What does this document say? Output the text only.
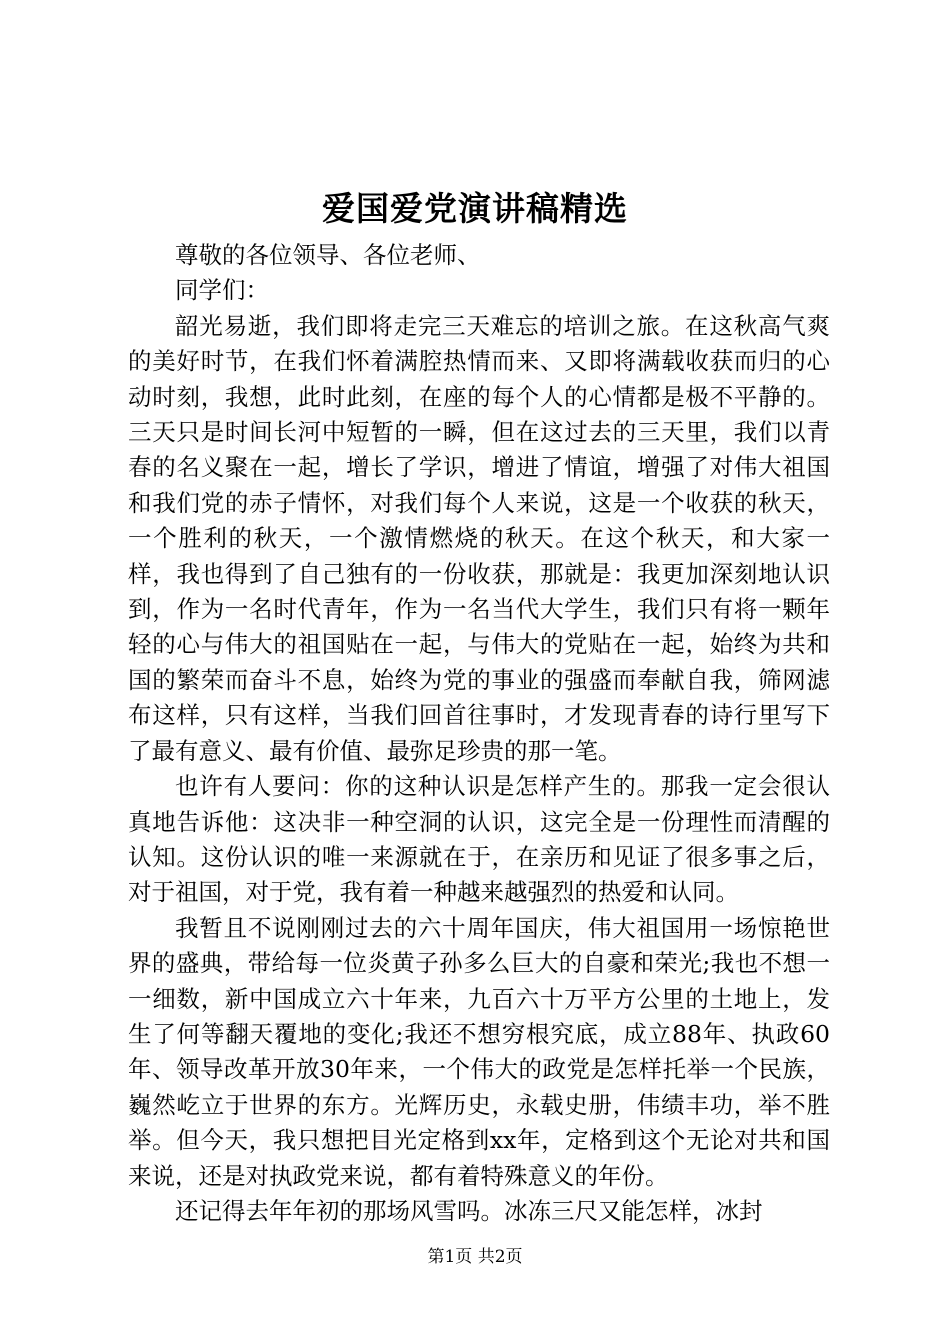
爱国爱党演讲稿精选

尊敬的各位领导、各位老师、

同学们：

韶光易逝，我们即将走完三天难忘的培训之旅。在这秋高气爽的美好时节，在我们怀着满腔热情而来、又即将满载收获而归的心动时刻，我想，此时此刻，在座的每个人的心情都是极不平静的。三天只是时间长河中短暂的一瞬，但在这过去的三天里，我们以青春的名义聚在一起，增长了学识，增进了情谊，增强了对伟大祖国和我们党的赤子情怀，对我们每个人来说，这是一个收获的秋天，一个胜利的秋天，一个激情燃烧的秋天。在这个秋天，和大家一样，我也得到了自己独有的一份收获，那就是：我更加深刻地认识到，作为一名时代青年，作为一名当代大学生，我们只有将一颗年轻的心与伟大的祖国贴在一起，与伟大的党贴在一起，始终为共和国的繁荣而奋斗不息，始终为党的事业的强盛而奉献自我，筛网滤布这样，只有这样，当我们回首往事时，才发现青春的诗行里写下了最有意义、最有价值、最弥足珍贵的那一笔。

也许有人要问：你的这种认识是怎样产生的。那我一定会很认真地告诉他：这决非一种空洞的认识，这完全是一份理性而清醒的认知。这份认识的唯一来源就在于，在亲历和见证了很多事之后，对于祖国，对于党，我有着一种越来越强烈的热爱和认同。

我暂且不说刚刚过去的六十周年国庆，伟大祖国用一场惊艳世界的盛典，带给每一位炎黄子孙多么巨大的自豪和荣光;我也不想一一细数，新中国成立六十年来，九百六十万平方公里的土地上，发生了何等翻天覆地的变化;我还不想穷根究底，成立88年、执政60年、领导改革开放30年来，一个伟大的政党是怎样托举一个民族，巍然屹立于世界的东方。光辉历史，永载史册，伟绩丰功，举不胜举。但今天，我只想把目光定格到xx年，定格到这个无论对共和国来说，还是对执政党来说，都有着特殊意义的年份。

还记得去年年初的那场风雪吗。冰冻三尺又能怎样，冰封

第1页 共2页
